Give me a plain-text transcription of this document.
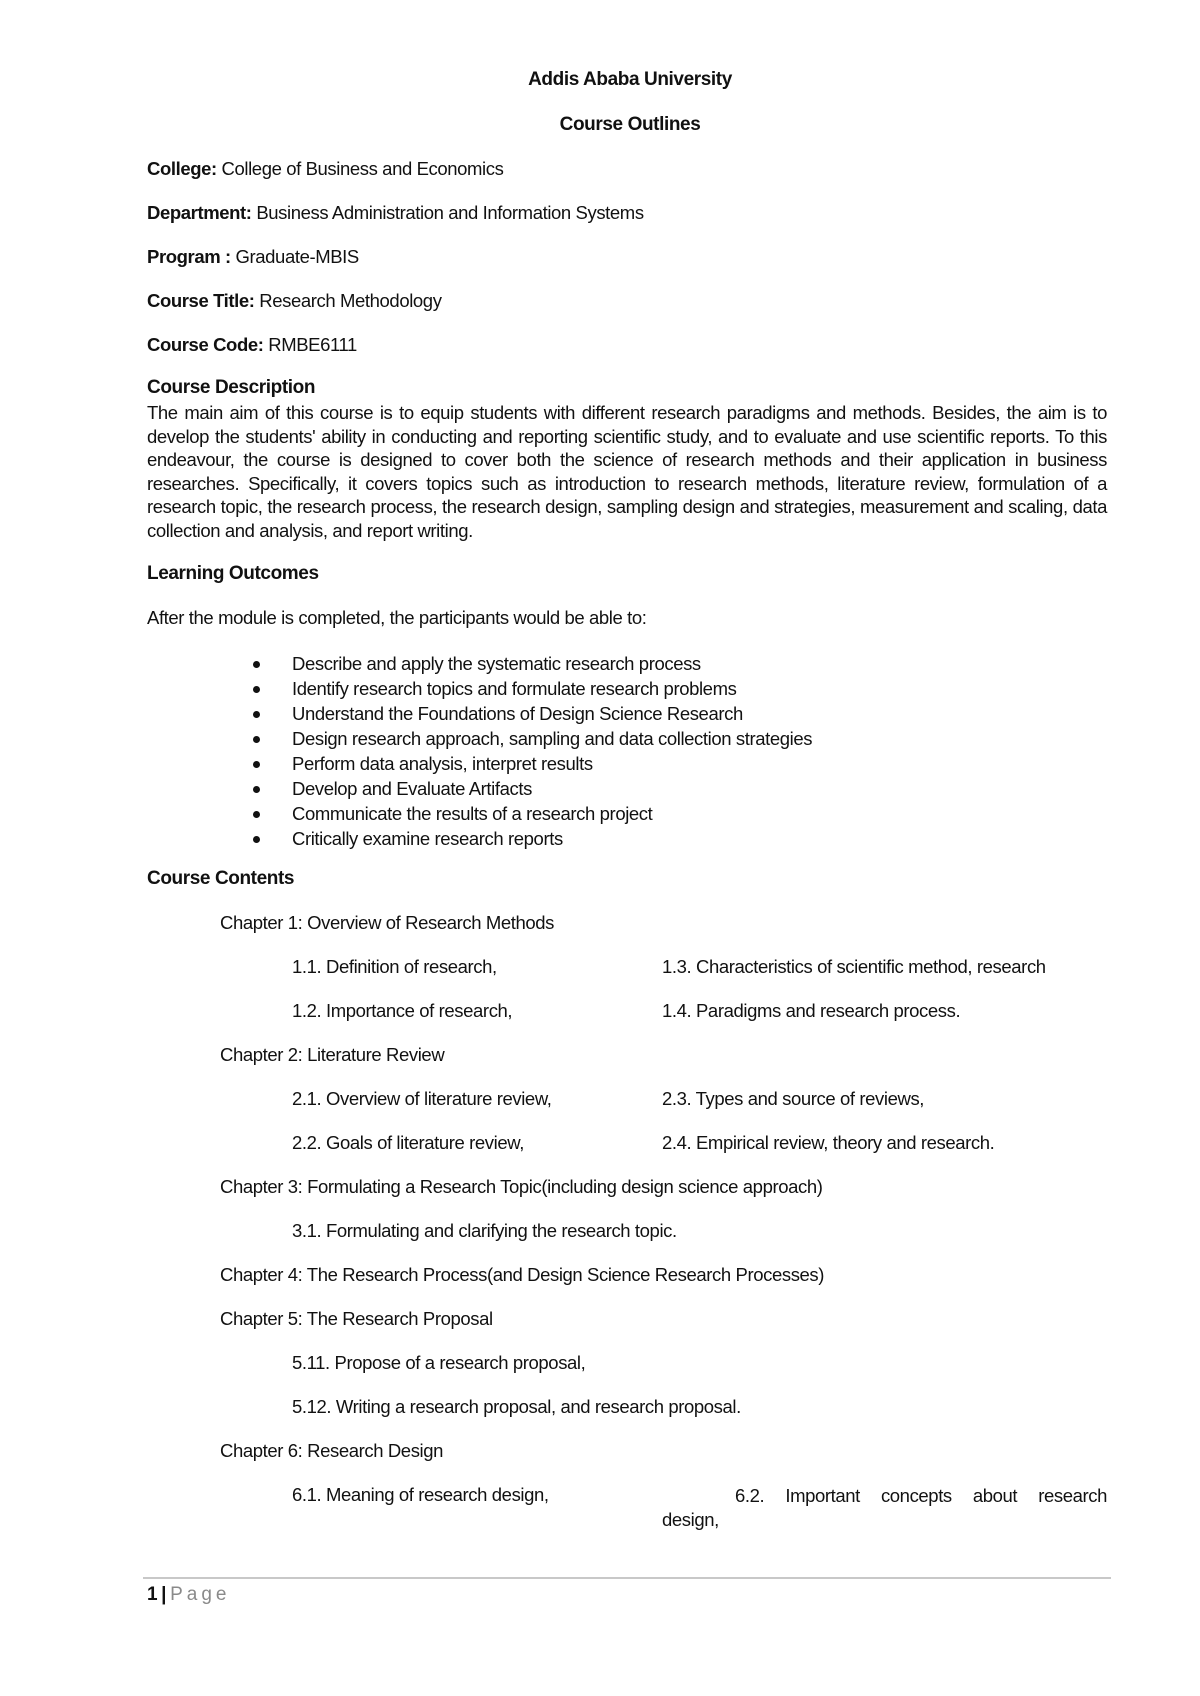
Addis Ababa University
Course Outlines
College: College of Business and Economics
Department: Business Administration and Information Systems
Program : Graduate-MBIS
Course Title: Research Methodology
Course Code: RMBE6111
Course Description

The main aim of this course is to equip students with different research paradigms and methods. Besides, the aim is to develop the students' ability in conducting and reporting scientific study, and to evaluate and use scientific reports. To this endeavour, the course is designed to cover both the science of research methods and their application in business researches. Specifically, it covers topics such as introduction to research methods, literature review, formulation of a research topic, the research process, the research design, sampling design and strategies, measurement and scaling, data collection and analysis, and report writing.

Learning Outcomes
After the module is completed, the participants would be able to:
Describe and apply the systematic research process
Identify research topics and formulate research problems
Understand the Foundations of Design Science Research
Design research approach, sampling and data collection strategies
Perform data analysis, interpret results
Develop and Evaluate Artifacts
Communicate the results of a research project
Critically examine research reports
Course Contents
Chapter 1: Overview of Research Methods
1.1. Definition of research,	1.3. Characteristics of scientific method, research
1.2. Importance of research,	1.4. Paradigms and research process.
Chapter 2: Literature Review
2.1. Overview of literature review,	2.3. Types and source of reviews,
2.2. Goals of literature review,	2.4. Empirical review, theory and research.
Chapter 3: Formulating a Research Topic(including design science approach)
3.1. Formulating and clarifying the research topic.
Chapter 4: The Research Process(and Design Science Research Processes)
Chapter 5: The Research Proposal
5.11. Propose of a research proposal,
5.12. Writing a research proposal, and research proposal.
Chapter 6: Research Design
6.1. Meaning of research design,	6.2. Important concepts about research
design,
1 | Page
